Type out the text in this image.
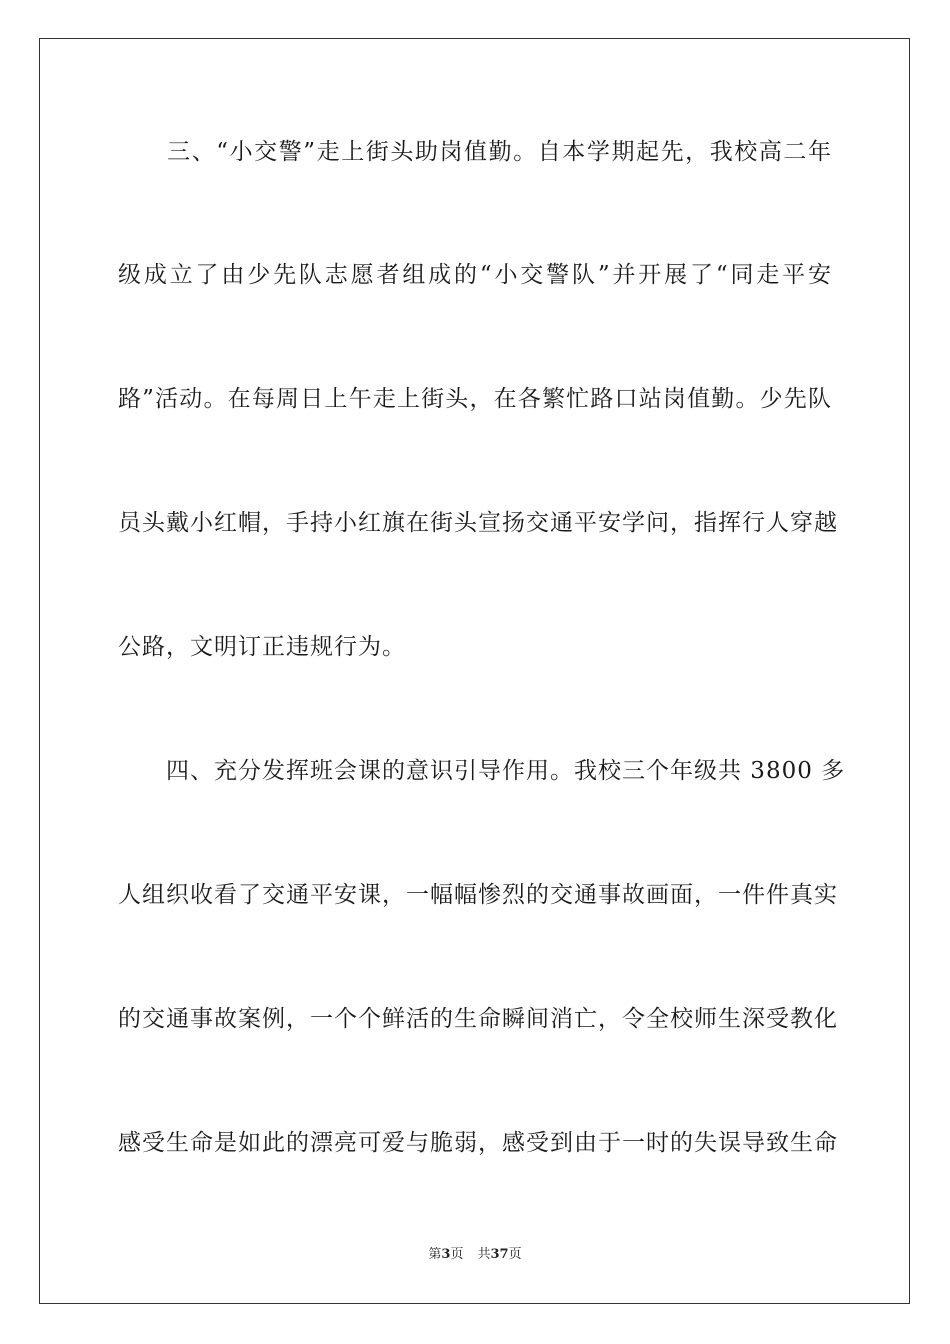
　　三、“小交警”走上街头助岗值勤。自本学期起先，我校高二年
级成立了由少先队志愿者组成的“小交警队”并开展了“同走平安
路”活动。在每周日上午走上街头，在各繁忙路口站岗值勤。少先队
员头戴小红帽，手持小红旗在街头宣扬交通平安学问，指挥行人穿越
公路，文明订正违规行为。
　　四、充分发挥班会课的意识引导作用。我校三个年级共 3800 多
人组织收看了交通平安课，一幅幅惨烈的交通事故画面，一件件真实
的交通事故案例，一个个鲜活的生命瞬间消亡，令全校师生深受教化
感受生命是如此的漂亮可爱与脆弱，感受到由于一时的失误导致生命
第3页 共37页
